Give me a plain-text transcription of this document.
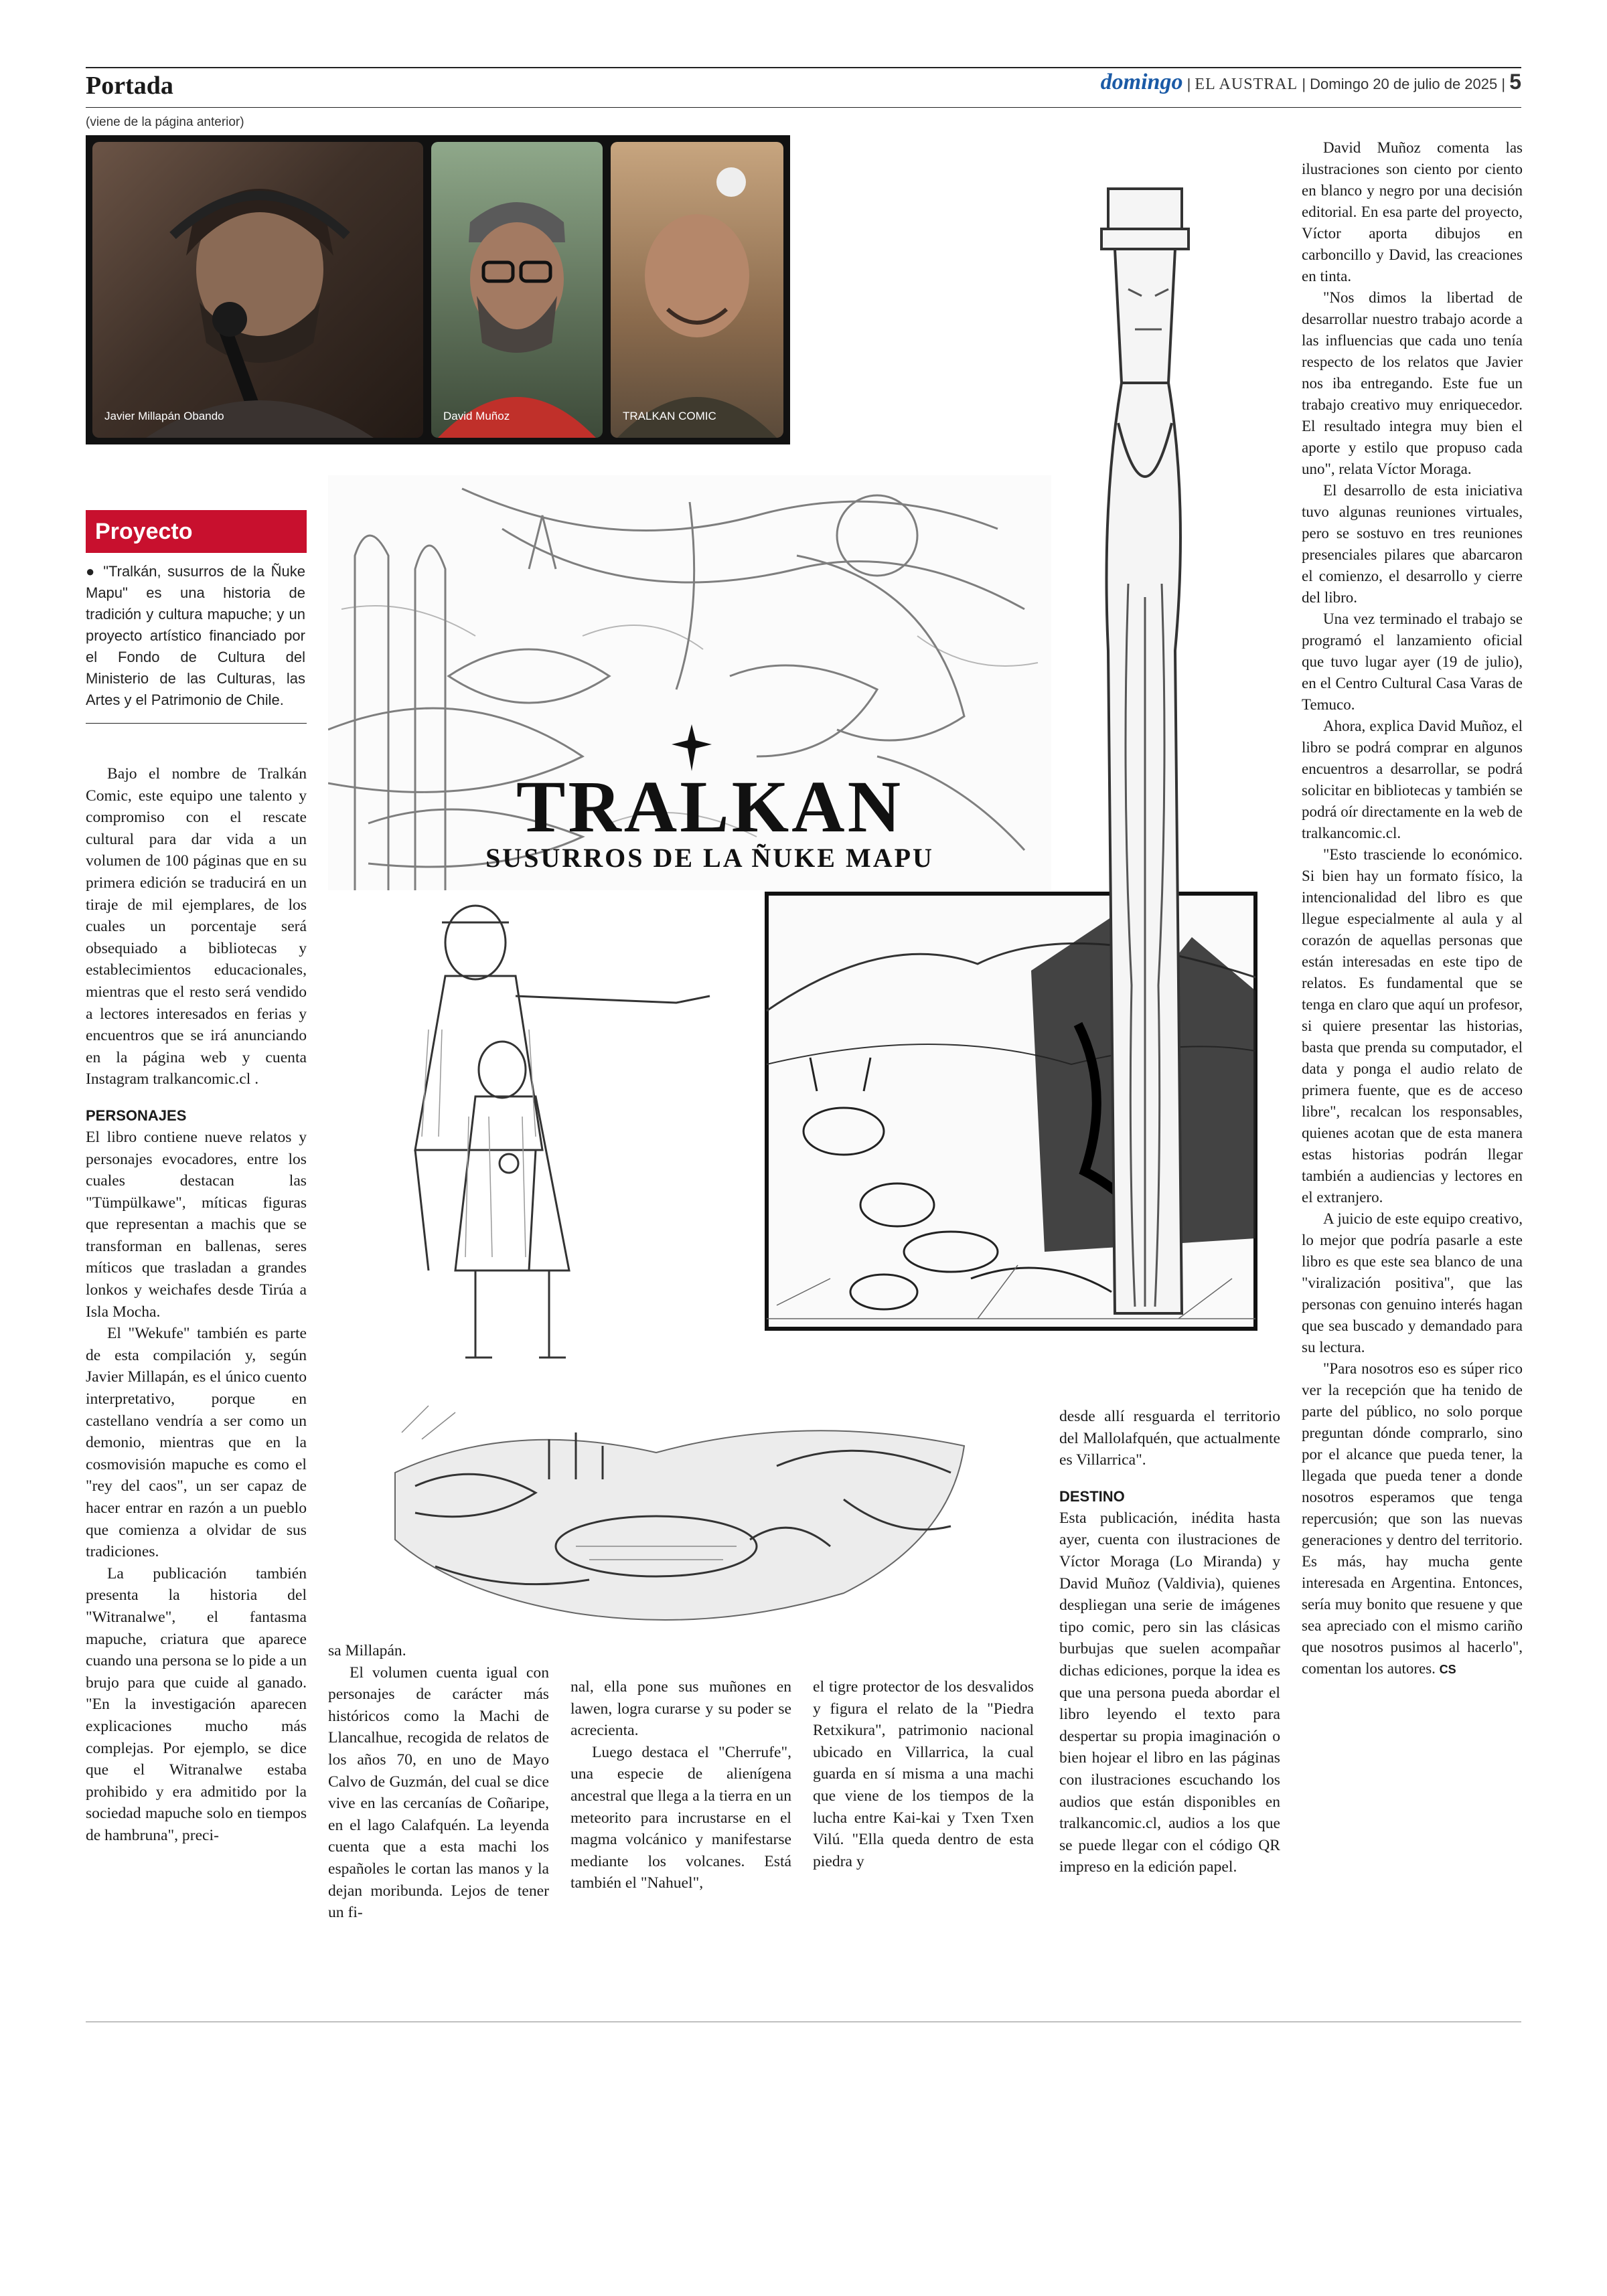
Portada	domingo | EL AUSTRAL | Domingo 20 de julio de 2025 | 5
(viene de la página anterior)
Javier Millapán Obando	David Muñoz	TRALKAN COMIC
Proyecto
● "Tralkán, susurros de la Ñuke Mapu" es una historia de tradición y cultura mapuche; y un proyecto artístico financiado por el Fondo de Cultura del Ministerio de las Culturas, las Artes y el Patrimonio de Chile.
TRALKAN
SUSURROS DE LA ÑUKE MAPU

Bajo el nombre de Tralkán Comic, este equipo une talento y compromiso con el rescate cultural para dar vida a un volumen de 100 páginas que en su primera edición se traducirá en un tiraje de mil ejemplares, de los cuales un porcentaje será obsequiado a bibliotecas y establecimientos educacionales, mientras que el resto será vendido a lectores interesados en ferias y encuentros que se irá anunciando en la página web y cuenta Instagram tralkancomic.cl .

PERSONAJES

El libro contiene nueve relatos y personajes evocadores, entre los cuales destacan las "Tümpülkawe", míticas figuras que representan a machis que se transforman en ballenas, seres míticos que trasladan a grandes lonkos y weichafes desde Tirúa a Isla Mocha.

El "Wekufe" también es parte de esta compilación y, según Javier Millapán, es el único cuento interpretativo, porque en castellano vendría a ser como un demonio, mientras que en la cosmovisión mapuche es como el "rey del caos", un ser capaz de hacer entrar en razón a un pueblo que comienza a olvidar de sus tradiciones.

La publicación también presenta la historia del "Witranalwe", el fantasma mapuche, criatura que aparece cuando una persona se lo pide a un brujo para que cuide al ganado. "En la investigación aparecen explicaciones mucho más complejas. Por ejemplo, se dice que el Witranalwe estaba prohibido y era admitido por la sociedad mapuche solo en tiempos de hambruna", preci-

sa Millapán.

El volumen cuenta igual con personajes de carácter más históricos como la Machi de Llancalhue, recogida de relatos de los años 70, en uno de Mayo Calvo de Guzmán, del cual se dice vive en las cercanías de Coñaripe, en el lago Calafquén. La leyenda cuenta que a esta machi los españoles le cortan las manos y la dejan moribunda. Lejos de tener un fi-

nal, ella pone sus muñones en lawen, logra curarse y su poder se acrecienta.

Luego destaca el "Cherrufe", una especie de alienígena ancestral que llega a la tierra en un meteorito para incrustarse en el magma volcánico y manifestarse mediante los volcanes. Está también el "Nahuel",

el tigre protector de los desvalidos y figura el relato de la "Piedra Retxikura", patrimonio nacional ubicado en Villarrica, la cual guarda en sí misma a una machi que viene de los tiempos de la lucha entre Kai-kai y Txen Txen Vilú. "Ella queda dentro de esta piedra y

desde allí resguarda el territorio del Mallolafquén, que actualmente es Villarrica".

DESTINO

Esta publicación, inédita hasta ayer, cuenta con ilustraciones de Víctor Moraga (Lo Miranda) y David Muñoz (Valdivia), quienes despliegan una serie de imágenes tipo comic, pero sin las clásicas burbujas que suelen acompañar dichas ediciones, porque la idea es que una persona pueda abordar el libro leyendo el texto para despertar su propia imaginación o bien hojear el libro en las páginas con ilustraciones escuchando los audios que están disponibles en tralkancomic.cl, audios a los que se puede llegar con el código QR impreso en la edición papel.

David Muñoz comenta las ilustraciones son ciento por ciento en blanco y negro por una decisión editorial. En esa parte del proyecto, Víctor aporta dibujos en carboncillo y David, las creaciones en tinta.

"Nos dimos la libertad de desarrollar nuestro trabajo acorde a las influencias que cada uno tenía respecto de los relatos que Javier nos iba entregando. Este fue un trabajo creativo muy enriquecedor. El resultado integra muy bien el aporte y estilo que propuso cada uno", relata Víctor Moraga.

El desarrollo de esta iniciativa tuvo algunas reuniones virtuales, pero se sostuvo en tres reuniones presenciales pilares que abarcaron el comienzo, el desarrollo y cierre del libro.

Una vez terminado el trabajo se programó el lanzamiento oficial que tuvo lugar ayer (19 de julio), en el Centro Cultural Casa Varas de Temuco.

Ahora, explica David Muñoz, el libro se podrá comprar en algunos encuentros a desarrollar, se podrá solicitar en bibliotecas y también se podrá oír directamente en la web de tralkancomic.cl.

"Esto trasciende lo económico. Si bien hay un formato físico, la intencionalidad del libro es que llegue especialmente al aula y al corazón de aquellas personas que están interesadas en este tipo de relatos. Es fundamental que se tenga en claro que aquí un profesor, si quiere presentar las historias, basta que prenda su computador, el data y ponga el audio relato de primera fuente, que es de acceso libre", recalcan los responsables, quienes acotan que de esta manera estas historias podrán llegar también a audiencias y lectores en el extranjero.

A juicio de este equipo creativo, lo mejor que podría pasarle a este libro es que este sea blanco de una "viralización positiva", que las personas con genuino interés hagan que sea buscado y demandado para su lectura.

"Para nosotros eso es súper rico ver la recepción que ha tenido de parte del público, no solo porque preguntan dónde comprarlo, sino por el alcance que pueda tener, la llegada que pueda tener a donde nosotros esperamos que tenga repercusión; que son las nuevas generaciones y dentro del territorio. Es más, hay mucha gente interesada en Argentina. Entonces, sería muy bonito que resuene y que sea apreciado con el mismo cariño que nosotros pusimos al hacerlo", comentan los autores. CS
